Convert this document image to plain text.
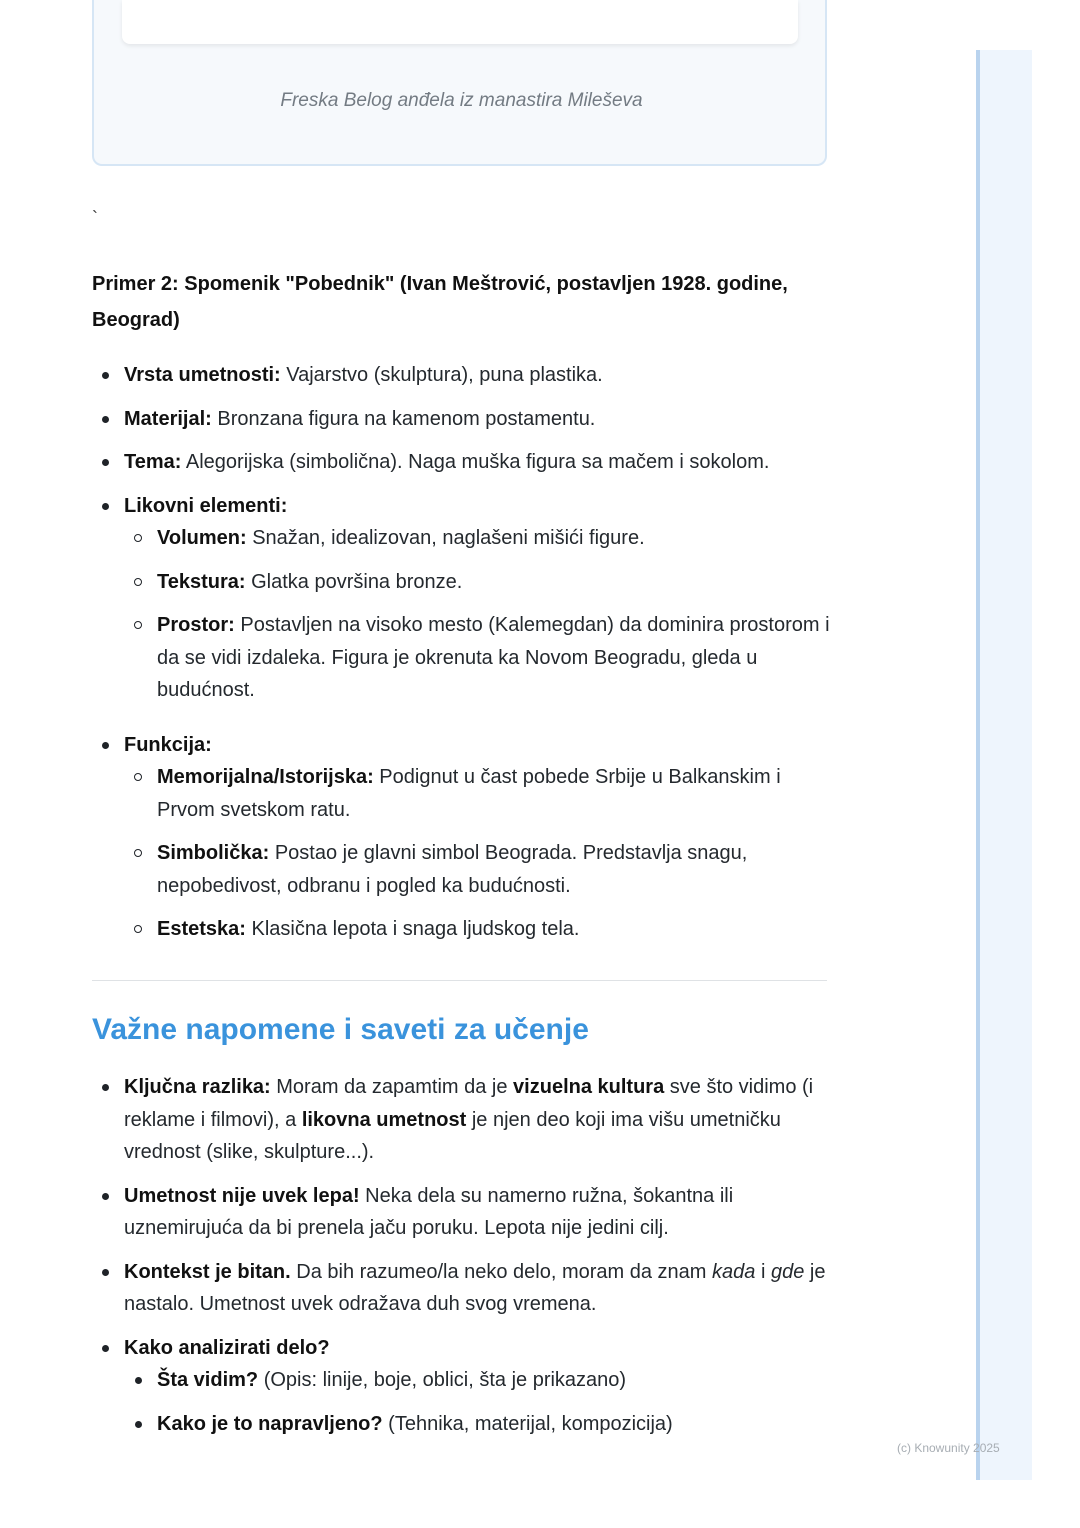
Freska Belog anđela iz manastira Mileševa
`
Primer 2: Spomenik "Pobednik" (Ivan Meštrović, postavljen 1928. godine, Beograd)
Vrsta umetnosti: Vajarstvo (skulptura), puna plastika.
Materijal: Bronzana figura na kamenom postamentu.
Tema: Alegorijska (simbolična). Naga muška figura sa mačem i sokolom.
Likovni elementi:
Volumen: Snažan, idealizovan, naglašeni mišići figure.
Tekstura: Glatka površina bronze.
Prostor: Postavljen na visoko mesto (Kalemegdan) da dominira prostorom i da se vidi izdaleka. Figura je okrenuta ka Novom Beogradu, gleda u budućnost.
Funkcija:
Memorijalna/Istorijska: Podignut u čast pobede Srbije u Balkanskim i Prvom svetskom ratu.
Simbolička: Postao je glavni simbol Beograda. Predstavlja snagu, nepobedivost, odbranu i pogled ka budućnosti.
Estetska: Klasična lepota i snaga ljudskog tela.
Važne napomene i saveti za učenje
Ključna razlika: Moram da zapamtim da je vizuelna kultura sve što vidimo (i reklame i filmovi), a likovna umetnost je njen deo koji ima višu umetničku vrednost (slike, skulpture...).
Umetnost nije uvek lepa! Neka dela su namerno ružna, šokantna ili uznemirujuća da bi prenela jaču poruku. Lepota nije jedini cilj.
Kontekst je bitan. Da bih razumeo/la neko delo, moram da znam kada i gde je nastalo. Umetnost uvek odražava duh svog vremena.
Kako analizirati delo?
Šta vidim? (Opis: linije, boje, oblici, šta je prikazano)
Kako je to napravljeno? (Tehnika, materijal, kompozicija)
(c) Knowunity 2025
